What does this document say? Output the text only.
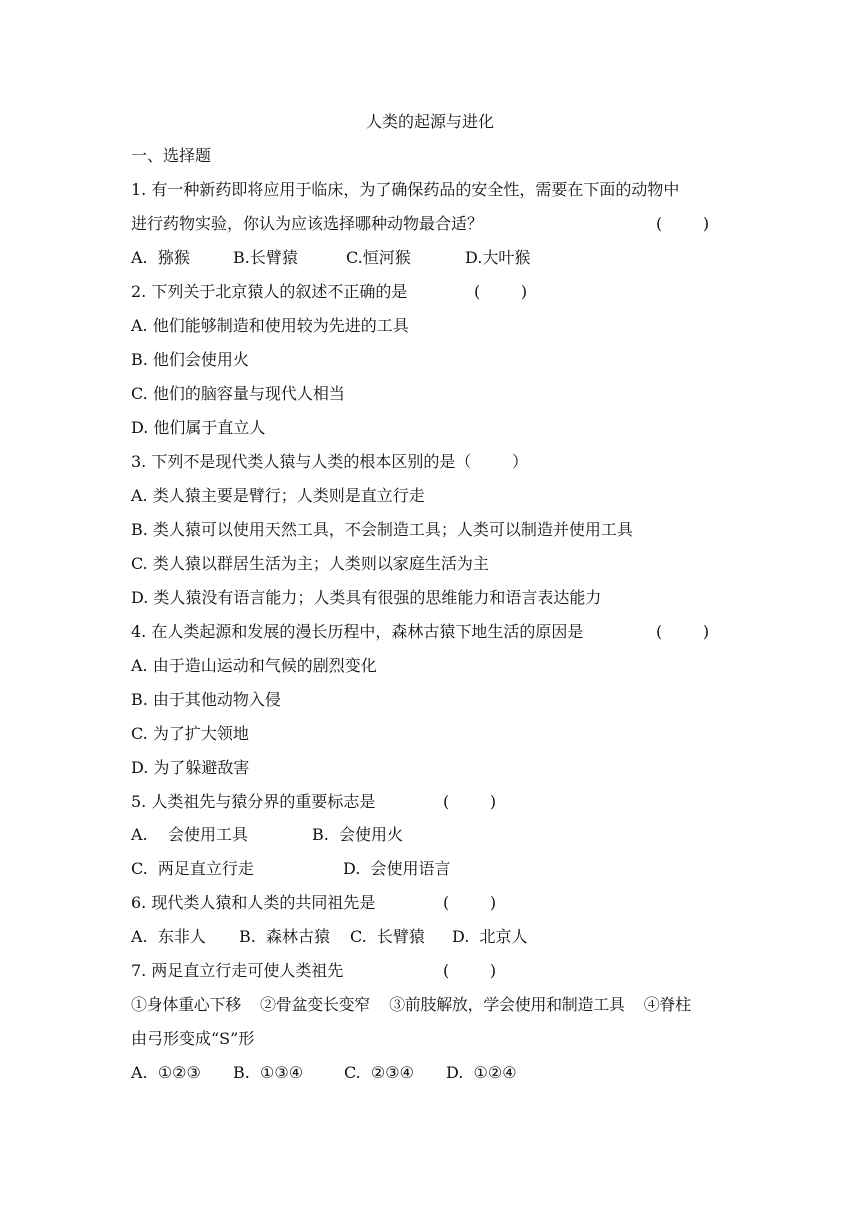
人类的起源与进化
一、选择题
1. 有一种新药即将应用于临床，为了确保药品的安全性，需要在下面的动物中
进行药物实验，你认为应该选择哪种动物最合适？	(        )
A.  猕猴	B.长臂猿	C.恒河猴	D.大叶猴
2. 下列关于北京猿人的叙述不正确的是	(        )
A. 他们能够制造和使用较为先进的工具
B. 他们会使用火
C. 他们的脑容量与现代人相当
D. 他们属于直立人
3. 下列不是现代类人猿与人类的根本区别的是（        ）
A. 类人猿主要是臂行；人类则是直立行走
B. 类人猿可以使用天然工具，不会制造工具；人类可以制造并使用工具
C. 类人猿以群居生活为主；人类则以家庭生活为主
D. 类人猿没有语言能力；人类具有很强的思维能力和语言表达能力
4. 在人类起源和发展的漫长历程中，森林古猿下地生活的原因是	(        )
A. 由于造山运动和气候的剧烈变化
B. 由于其他动物入侵
C. 为了扩大领地
D. 为了躲避敌害
5. 人类祖先与猿分界的重要标志是	(        )
A.    会使用工具	B.  会使用火
C.  两足直立行走	D.  会使用语言
6. 现代类人猿和人类的共同祖先是	(        )
A.  东非人 B.  森林古猿 C.  长臂猿 D.  北京人
7. 两足直立行走可使人类祖先	(        )
①身体重心下移    ②骨盆变长变窄    ③前肢解放，学会使用和制造工具    ④脊柱
由弓形变成“S”形
A.  ①②③ B.  ①③④	C.  ②③④ D.  ①②④
